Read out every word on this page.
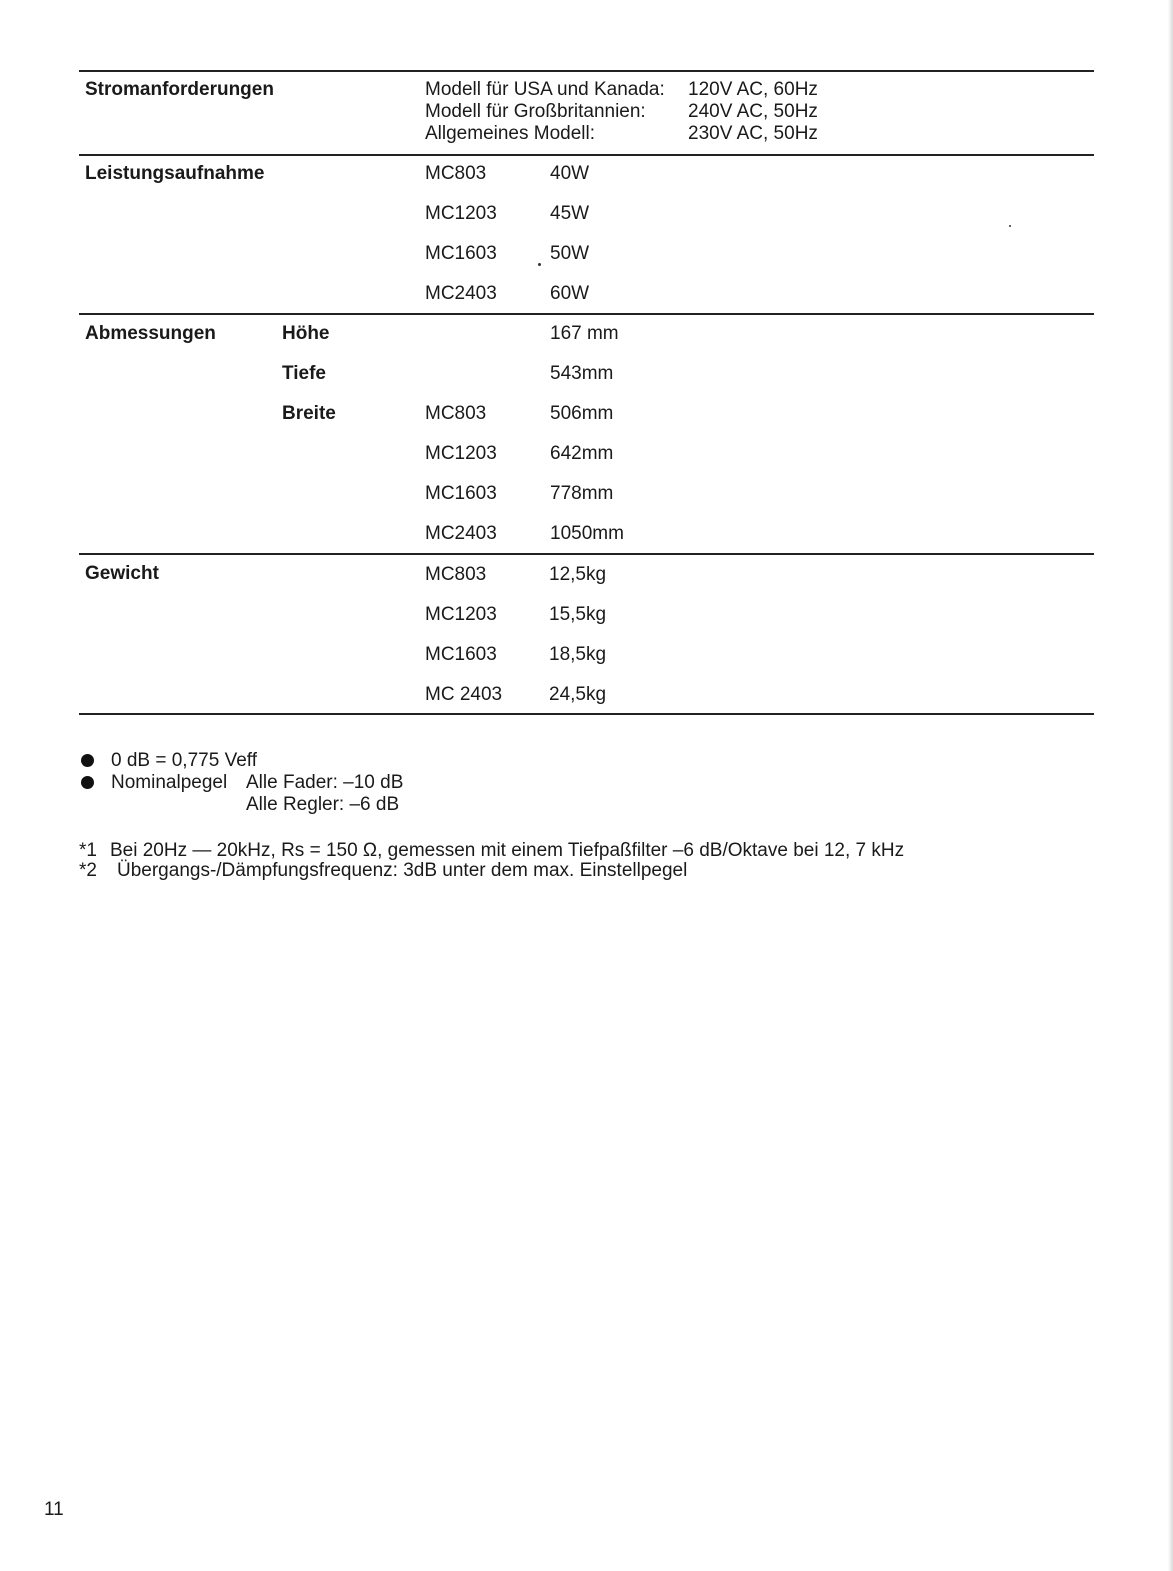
Stromanforderungen	Modell für USA und Kanada: 120V AC, 60Hz
Modell für Großbritannien: 240V AC, 50Hz
Allgemeines Modell:	230V AC, 50Hz
Leistungsaufnahme	MC803	40W
MC1203	45W
MC1603	50W
MC2403	60W
Abmessungen	Höhe	167 mm
Tiefe	543mm
Breite	MC803	506mm
MC1203	642mm
MC1603	778mm
MC2403	1050mm
Gewicht	MC803	12,5kg
MC1203	15,5kg
MC1603	18,5kg
MC 2403 24,5kg
0 dB = 0,775 Veff
Nominalpegel Alle Fader: –10 dB
Alle Regler: –6 dB
*1 Bei 20Hz — 20kHz, Rs = 150 Ω, gemessen mit einem Tiefpaßfilter –6 dB/Oktave bei 12, 7 kHz
*2 Übergangs-/Dämpfungsfrequenz: 3dB unter dem max. Einstellpegel
11
